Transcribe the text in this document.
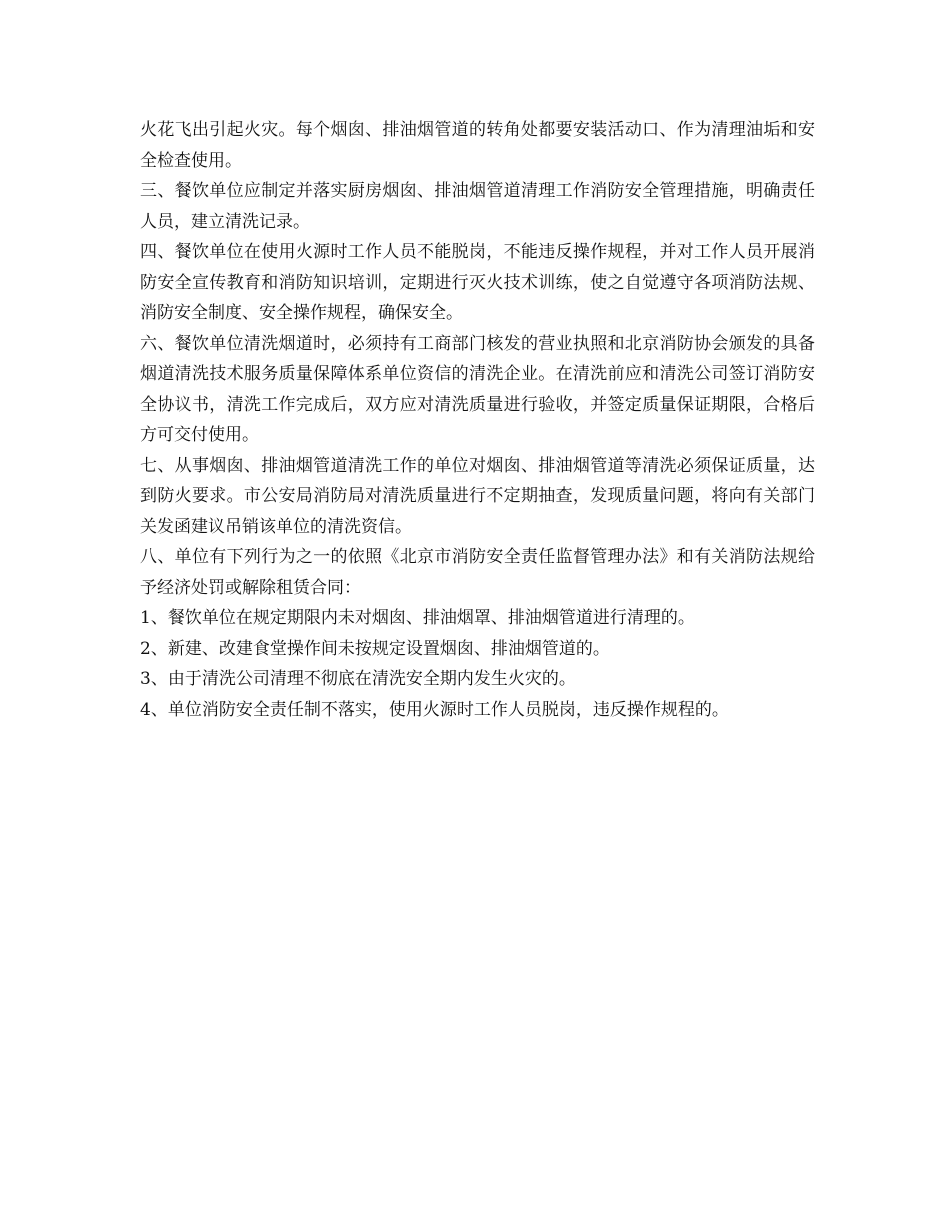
火花飞出引起火灾。每个烟囱、排油烟管道的转角处都要安装活动口、作为清理油垢和安全检查使用。

三、餐饮单位应制定并落实厨房烟囱、排油烟管道清理工作消防安全管理措施，明确责任人员，建立清洗记录。

四、餐饮单位在使用火源时工作人员不能脱岗，不能违反操作规程，并对工作人员开展消防安全宣传教育和消防知识培训，定期进行灭火技术训练，使之自觉遵守各项消防法规、消防安全制度、安全操作规程，确保安全。

六、餐饮单位清洗烟道时，必须持有工商部门核发的营业执照和北京消防协会颁发的具备烟道清洗技术服务质量保障体系单位资信的清洗企业。在清洗前应和清洗公司签订消防安全协议书，清洗工作完成后，双方应对清洗质量进行验收，并签定质量保证期限，合格后方可交付使用。

七、从事烟囱、排油烟管道清洗工作的单位对烟囱、排油烟管道等清洗必须保证质量，达到防火要求。市公安局消防局对清洗质量进行不定期抽查，发现质量问题，将向有关部门关发函建议吊销该单位的清洗资信。

八、单位有下列行为之一的依照《北京市消防安全责任监督管理办法》和有关消防法规给予经济处罚或解除租赁合同：

1、餐饮单位在规定期限内未对烟囱、排油烟罩、排油烟管道进行清理的。

2、新建、改建食堂操作间未按规定设置烟囱、排油烟管道的。

3、由于清洗公司清理不彻底在清洗安全期内发生火灾的。

4、单位消防安全责任制不落实，使用火源时工作人员脱岗，违反操作规程的。
